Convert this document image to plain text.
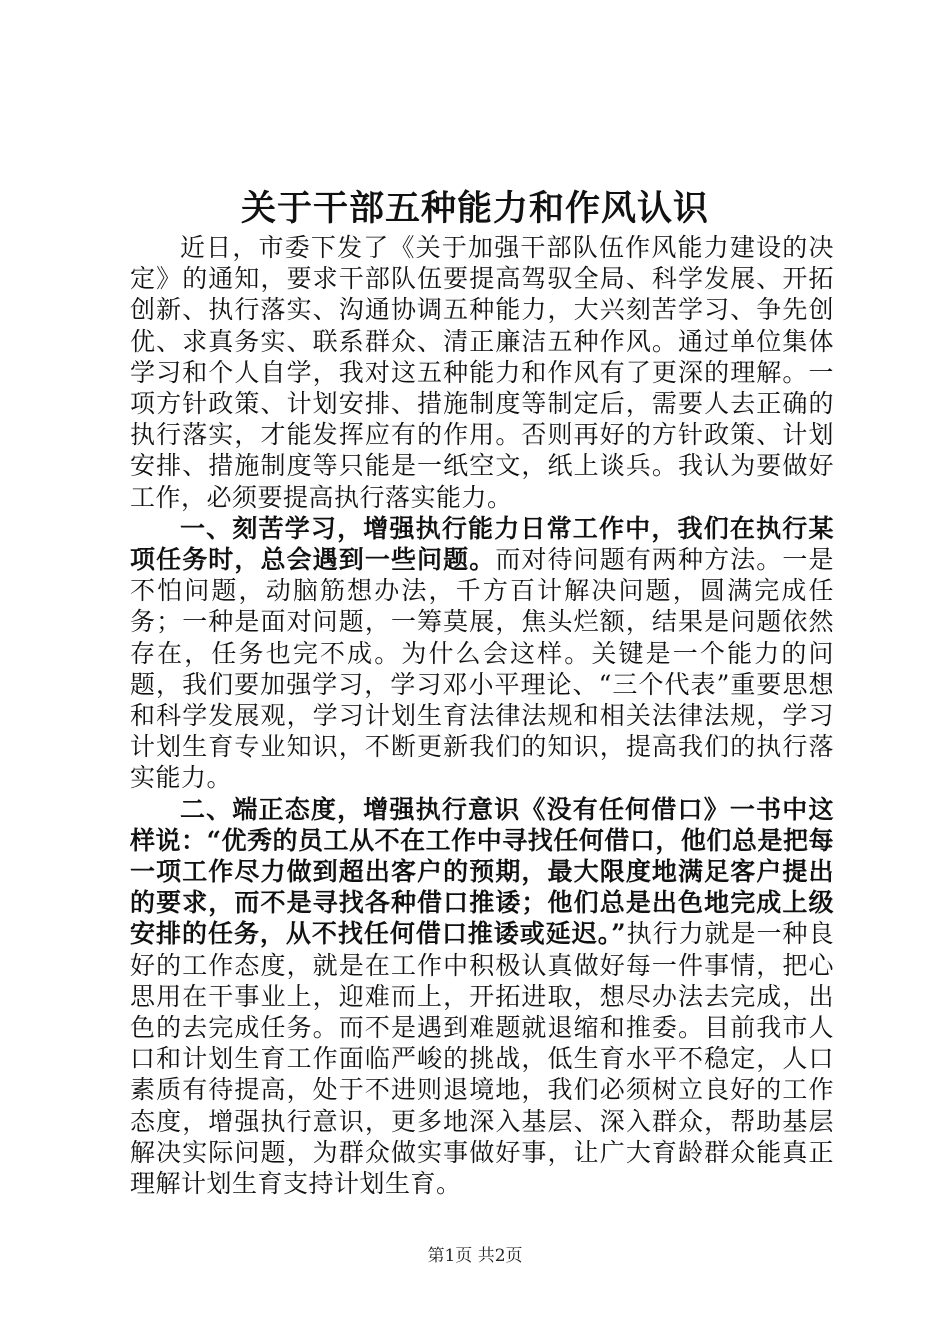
关于干部五种能力和作风认识

近日，市委下发了《关于加强干部队伍作风能力建设的决定》的通知，要求干部队伍要提高驾驭全局、科学发展、开拓创新、执行落实、沟通协调五种能力，大兴刻苦学习、争先创优、求真务实、联系群众、清正廉洁五种作风。通过单位集体学习和个人自学，我对这五种能力和作风有了更深的理解。一项方针政策、计划安排、措施制度等制定后，需要人去正确的执行落实，才能发挥应有的作用。否则再好的方针政策、计划安排、措施制度等只能是一纸空文，纸上谈兵。我认为要做好工作，必须要提高执行落实能力。

一、刻苦学习，增强执行能力日常工作中，我们在执行某项任务时，总会遇到一些问题。而对待问题有两种方法。一是不怕问题，动脑筋想办法，千方百计解决问题，圆满完成任务；一种是面对问题，一筹莫展，焦头烂额，结果是问题依然存在，任务也完不成。为什么会这样。关键是一个能力的问题，我们要加强学习，学习邓小平理论、“三个代表”重要思想和科学发展观，学习计划生育法律法规和相关法律法规，学习计划生育专业知识，不断更新我们的知识，提高我们的执行落实能力。

二、端正态度，增强执行意识《没有任何借口》一书中这样说：“优秀的员工从不在工作中寻找任何借口，他们总是把每一项工作尽力做到超出客户的预期，最大限度地满足客户提出的要求，而不是寻找各种借口推诿；他们总是出色地完成上级安排的任务，从不找任何借口推诿或延迟。”执行力就是一种良好的工作态度，就是在工作中积极认真做好每一件事情，把心思用在干事业上，迎难而上，开拓进取，想尽办法去完成，出色的去完成任务。而不是遇到难题就退缩和推委。目前我市人口和计划生育工作面临严峻的挑战，低生育水平不稳定，人口素质有待提高，处于不进则退境地，我们必须树立良好的工作态度，增强执行意识，更多地深入基层、深入群众，帮助基层解决实际问题，为群众做实事做好事，让广大育龄群众能真正理解计划生育支持计划生育。

第1页 共2页
